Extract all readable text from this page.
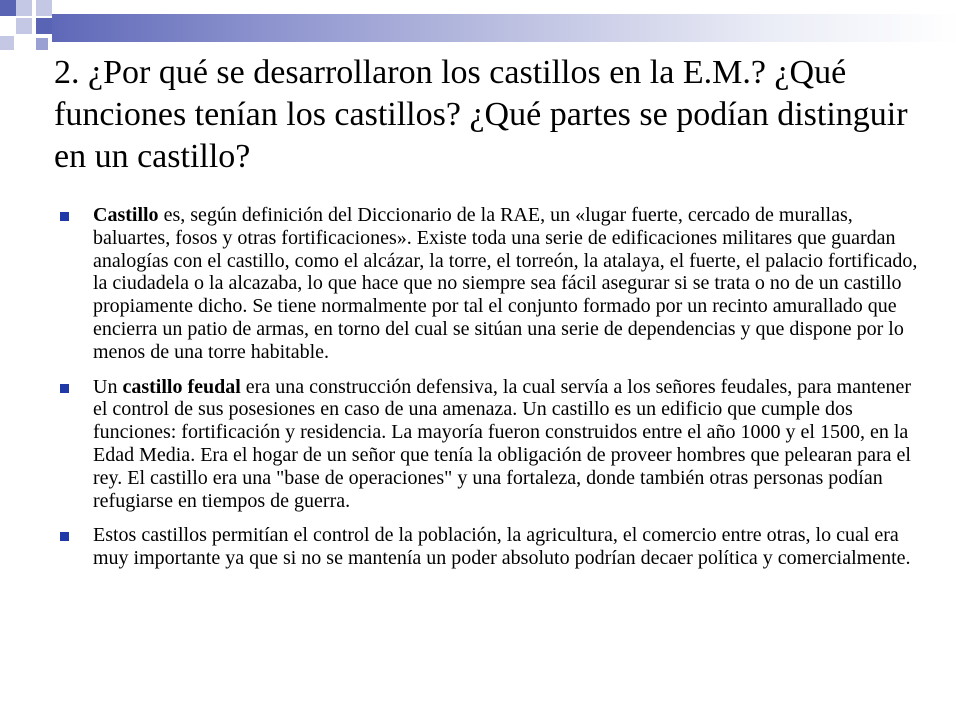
2. ¿Por qué se desarrollaron los castillos en la E.M.? ¿Qué funciones tenían los castillos? ¿Qué partes se podían distinguir en un castillo?
Castillo es, según definición del Diccionario de la RAE, un «lugar fuerte, cercado de murallas, baluartes, fosos y otras fortificaciones». Existe toda una serie de edificaciones militares que guardan analogías con el castillo, como el alcázar, la torre, el torreón, la atalaya, el fuerte, el palacio fortificado, la ciudadela o la alcazaba, lo que hace que no siempre sea fácil asegurar si se trata o no de un castillo propiamente dicho. Se tiene normalmente por tal el conjunto formado por un recinto amurallado que encierra un patio de armas, en torno del cual se sitúan una serie de dependencias y que dispone por lo menos de una torre habitable.
Un castillo feudal era una construcción defensiva, la cual servía a los señores feudales, para mantener el control de sus posesiones en caso de una amenaza. Un castillo es un edificio que cumple dos funciones: fortificación y residencia. La mayoría fueron construidos entre el año 1000 y el 1500, en la Edad Media. Era el hogar de un señor que tenía la obligación de proveer hombres que pelearan para el rey. El castillo era una "base de operaciones" y una fortaleza, donde también otras personas podían refugiarse en tiempos de guerra.
Estos castillos permitían el control de la población, la agricultura, el comercio entre otras, lo cual era muy importante ya que si no se mantenía un poder absoluto podrían decaer política y comercialmente.
